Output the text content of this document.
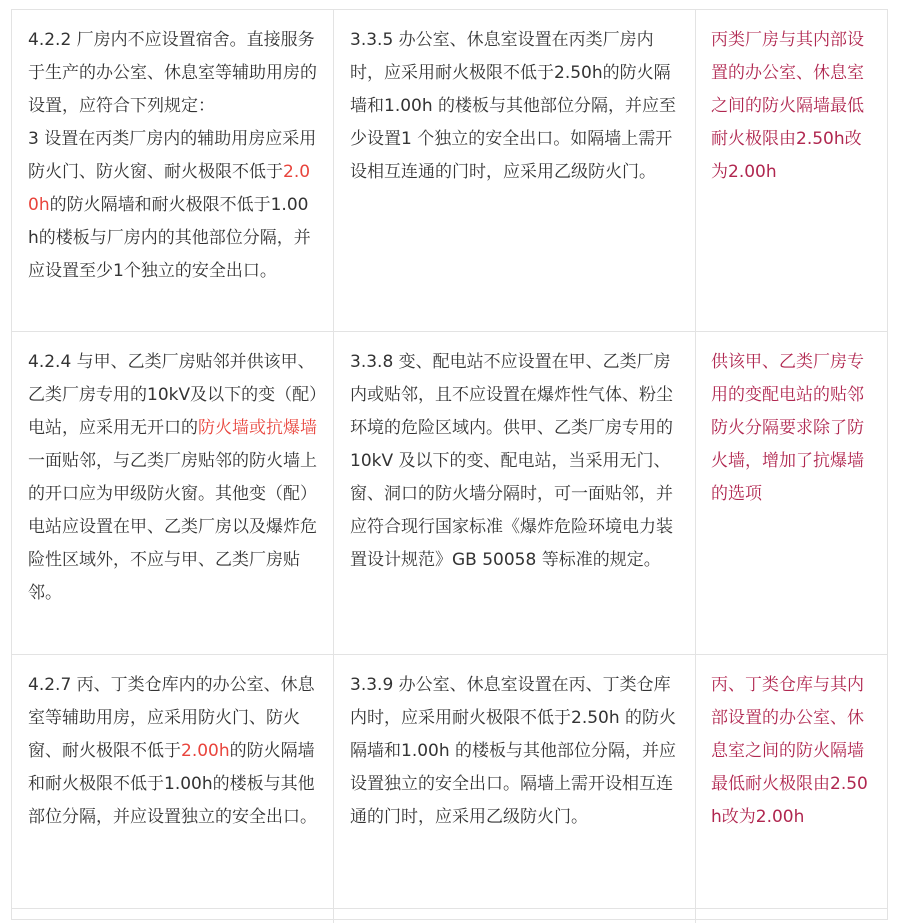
4.2.2 厂房内不应设置宿舍。直接服务于生产的办公室、休息室等辅助用房的设置，应符合下列规定：
3 设置在丙类厂房内的辅助用房应采用防火门、防火窗、耐火极限不低于2.00h的防火隔墙和耐火极限不低于1.00h的楼板与厂房内的其他部位分隔，并应设置至少1个独立的安全出口。
3.3.5 办公室、休息室设置在丙类厂房内时，应采用耐火极限不低于2.50h的防火隔墙和1.00h 的楼板与其他部位分隔，并应至少设置1 个独立的安全出口。如隔墙上需开设相互连通的门时，应采用乙级防火门。
丙类厂房与其内部设置的办公室、休息室之间的防火隔墙最低耐火极限由2.50h改为2.00h
4.2.4 与甲、乙类厂房贴邻并供该甲、乙类厂房专用的10kV及以下的变（配）电站，应采用无开口的防火墙或抗爆墙一面贴邻，与乙类厂房贴邻的防火墙上的开口应为甲级防火窗。其他变（配）电站应设置在甲、乙类厂房以及爆炸危险性区域外，不应与甲、乙类厂房贴邻。
3.3.8 变、配电站不应设置在甲、乙类厂房内或贴邻，且不应设置在爆炸性气体、粉尘环境的危险区域内。供甲、乙类厂房专用的10kV 及以下的变、配电站，当采用无门、窗、洞口的防火墙分隔时，可一面贴邻，并应符合现行国家标准《爆炸危险环境电力装置设计规范》GB 50058 等标准的规定。
供该甲、乙类厂房专用的变配电站的贴邻防火分隔要求除了防火墙，增加了抗爆墙的选项
4.2.7 丙、丁类仓库内的办公室、休息室等辅助用房，应采用防火门、防火窗、耐火极限不低于2.00h的防火隔墙和耐火极限不低于1.00h的楼板与其他部位分隔，并应设置独立的安全出口。
3.3.9 办公室、休息室设置在丙、丁类仓库内时，应采用耐火极限不低于2.50h 的防火隔墙和1.00h 的楼板与其他部位分隔，并应设置独立的安全出口。隔墙上需开设相互连通的门时，应采用乙级防火门。
丙、丁类仓库与其内部设置的办公室、休息室之间的防火隔墙最低耐火极限由2.50h改为2.00h
